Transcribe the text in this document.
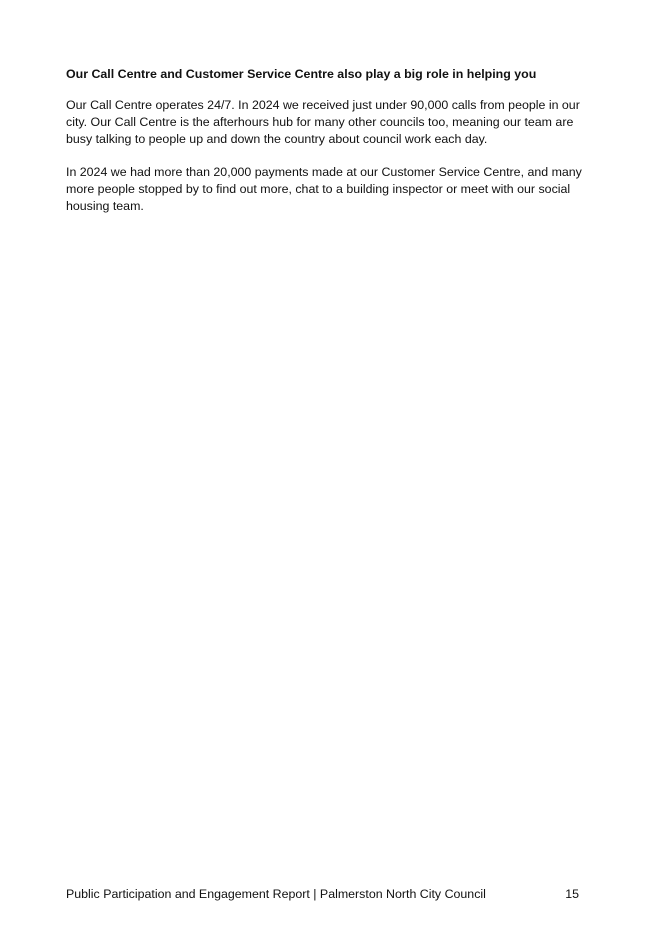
Our Call Centre and Customer Service Centre also play a big role in helping you

Our Call Centre operates 24/7. In 2024 we received just under 90,000 calls from people in our city. Our Call Centre is the afterhours hub for many other councils too, meaning our team are busy talking to people up and down the country about council work each day.

In 2024 we had more than 20,000 payments made at our Customer Service Centre, and many more people stopped by to find out more, chat to a building inspector or meet with our social housing team.

Public Participation and Engagement Report | Palmerston North City Council	15
